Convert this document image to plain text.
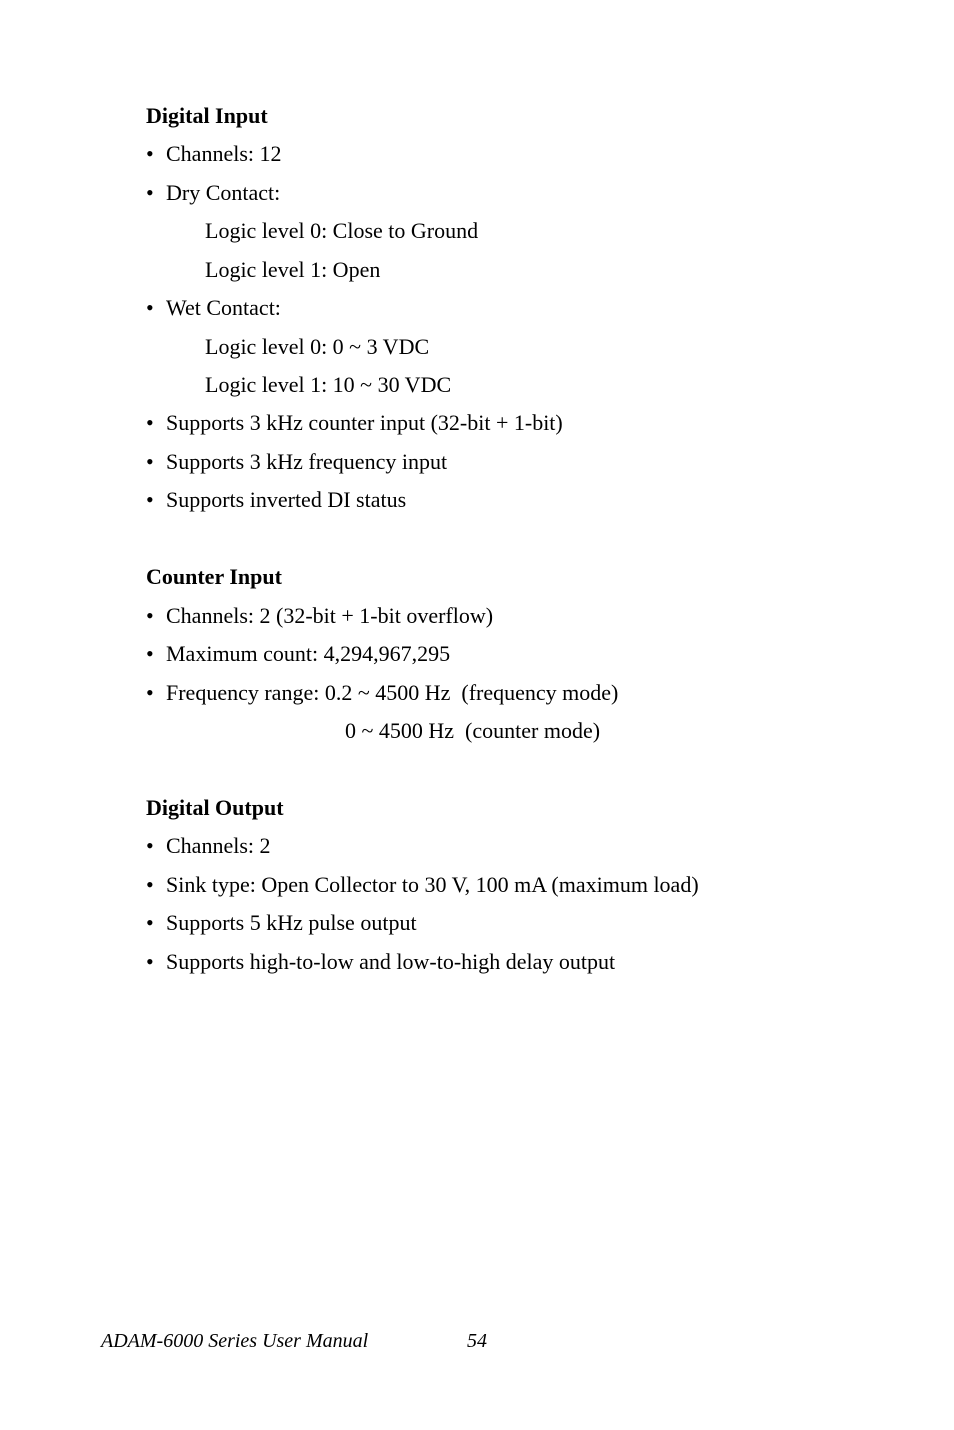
Digital Input
• Channels: 12
• Dry Contact:
Logic level 0: Close to Ground
Logic level 1: Open
• Wet Contact:
Logic level 0: 0 ~ 3 VDC
Logic level 1: 10 ~ 30 VDC
• Supports 3 kHz counter input (32-bit + 1-bit)
• Supports 3 kHz frequency input
• Supports inverted DI status
Counter Input
• Channels: 2 (32-bit + 1-bit overflow)
• Maximum count: 4,294,967,295
• Frequency range: 0.2 ~ 4500 Hz  (frequency mode)
0 ~ 4500 Hz  (counter mode)
Digital Output
• Channels: 2
• Sink type: Open Collector to 30 V, 100 mA (maximum load)
• Supports 5 kHz pulse output
• Supports high-to-low and low-to-high delay output
ADAM-6000 Series User Manual	54
